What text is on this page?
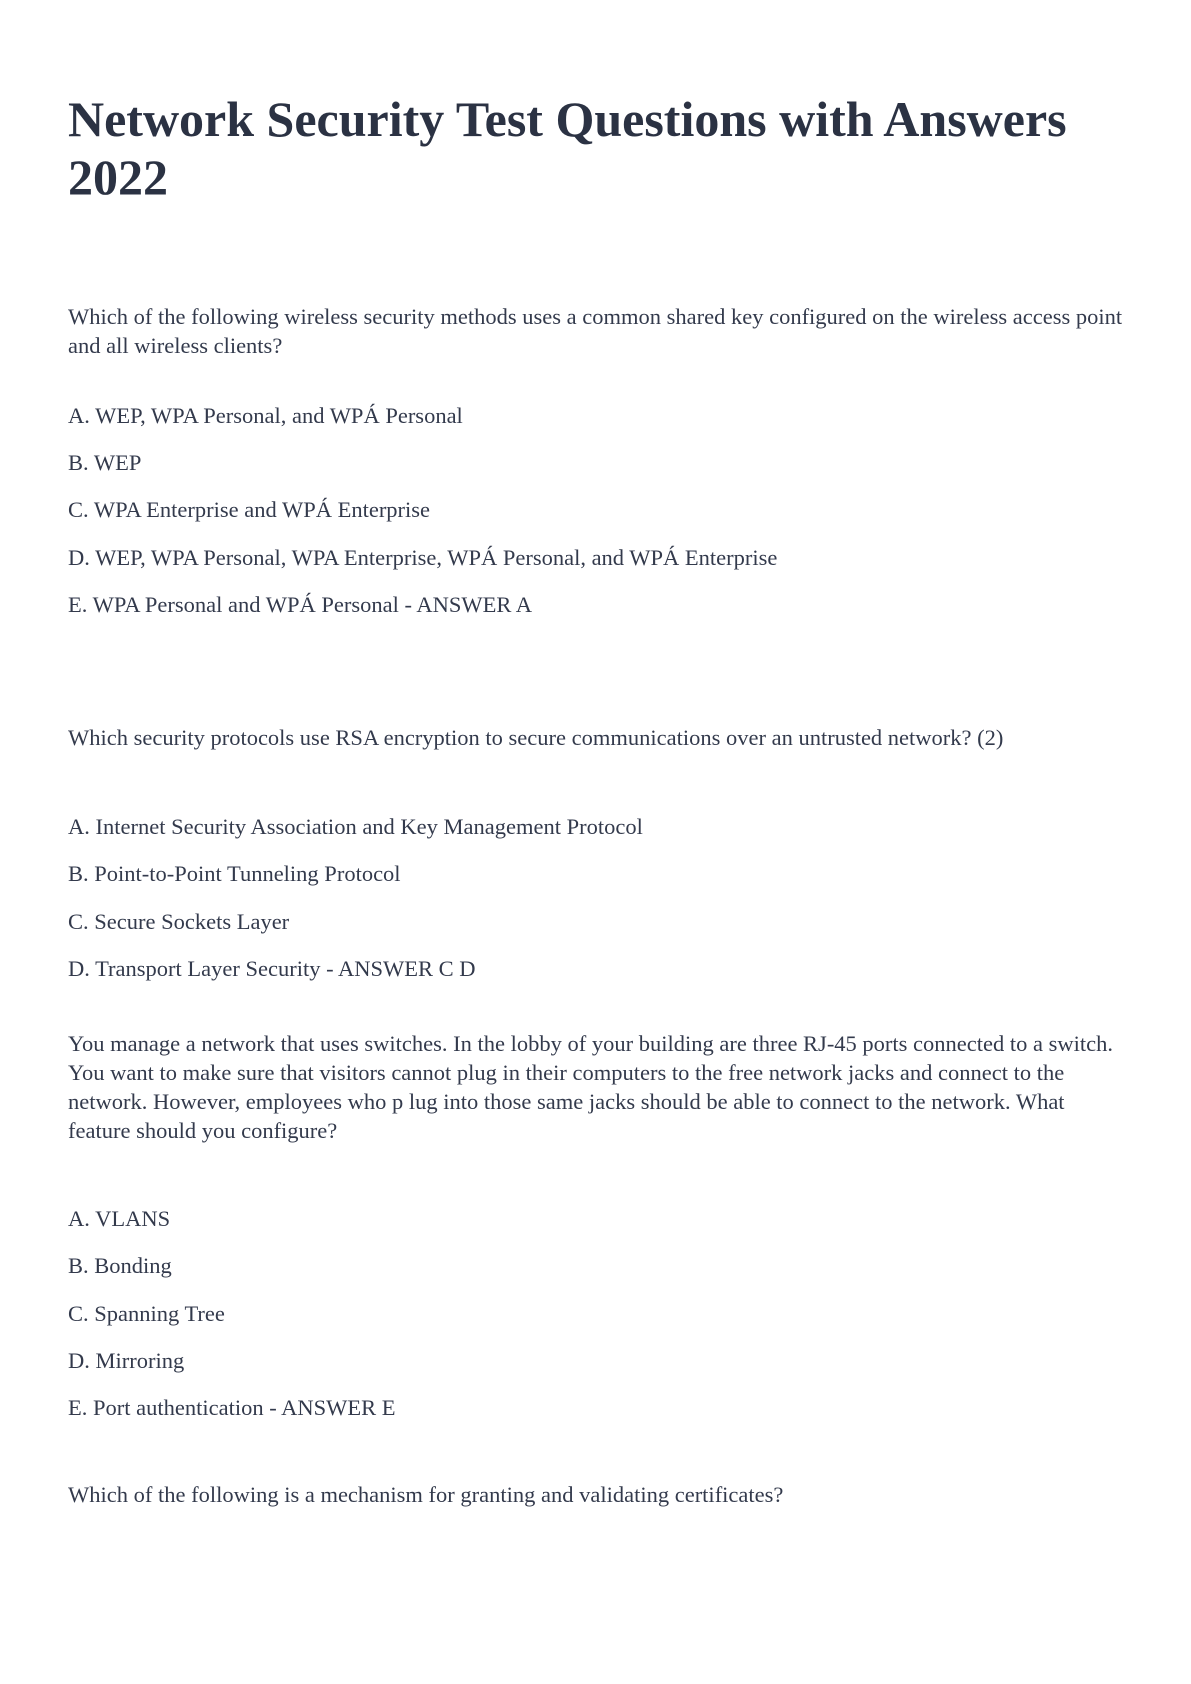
Network Security Test Questions with Answers 2022

Which of the following wireless security methods uses a common shared key configured on the wireless access point and all wireless clients?

A. WEP, WPA Personal, and WPÁ Personal

B. WEP

C. WPA Enterprise and WPÁ Enterprise

D. WEP, WPA Personal, WPA Enterprise, WPÁ Personal, and WPÁ Enterprise

E. WPA Personal and WPÁ Personal - ANSWER A

Which security protocols use RSA encryption to secure communications over an untrusted network? (2)

A. Internet Security Association and Key Management Protocol

B. Point-to-Point Tunneling Protocol

C. Secure Sockets Layer

D. Transport Layer Security - ANSWER C D

You manage a network that uses switches. In the lobby of your building are three RJ-45 ports connected to a switch. You want to make sure that visitors cannot plug in their computers to the free network jacks and connect to the network. However, employees who p lug into those same jacks should be able to connect to the network. What feature should you configure?

A. VLANS

B. Bonding

C. Spanning Tree

D. Mirroring

E. Port authentication - ANSWER E

Which of the following is a mechanism for granting and validating certificates?
